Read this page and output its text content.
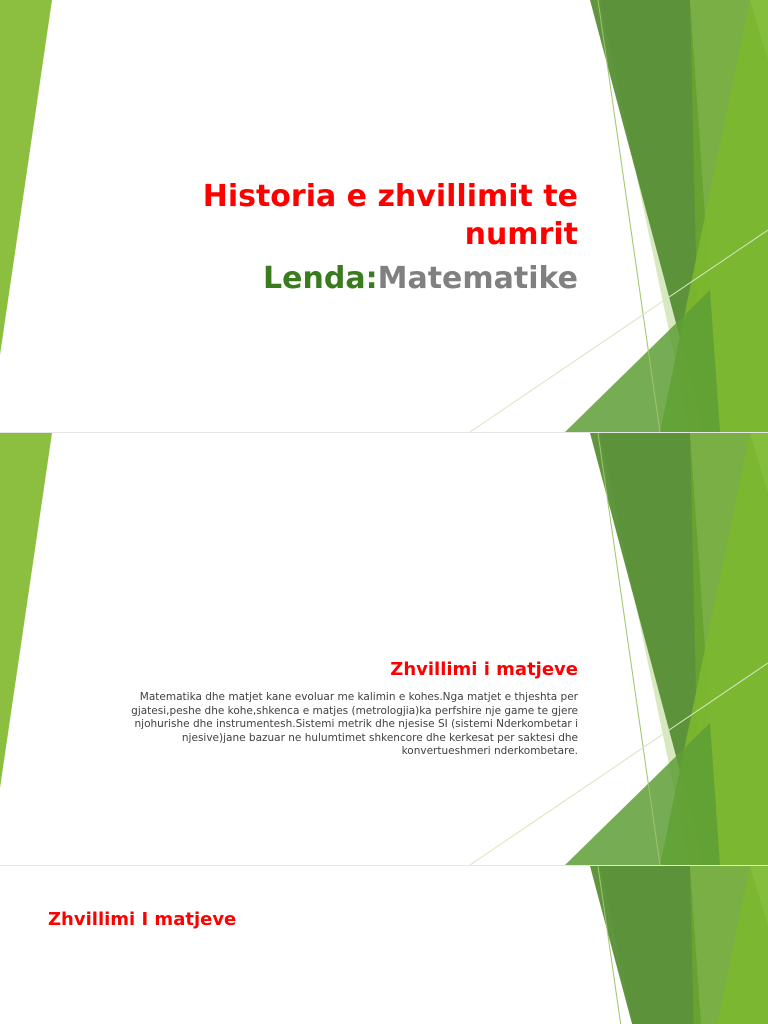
Historia e zhvillimit te numrit

Lenda:Matematike

Zhvillimi i matjeve

Matematika dhe matjet kane evoluar me kalimin e kohes.Nga matjet e thjeshta per gjatesi,peshe dhe kohe,shkenca e matjes (metrologjia)ka perfshire nje game te gjere njohurishe dhe instrumentesh.Sistemi metrik dhe njesise SI (sistemi Nderkombetar i njesive)jane bazuar ne hulumtimet shkencore dhe kerkesat per saktesi dhe konvertueshmeri nderkombetare.

Zhvillimi I matjeve
